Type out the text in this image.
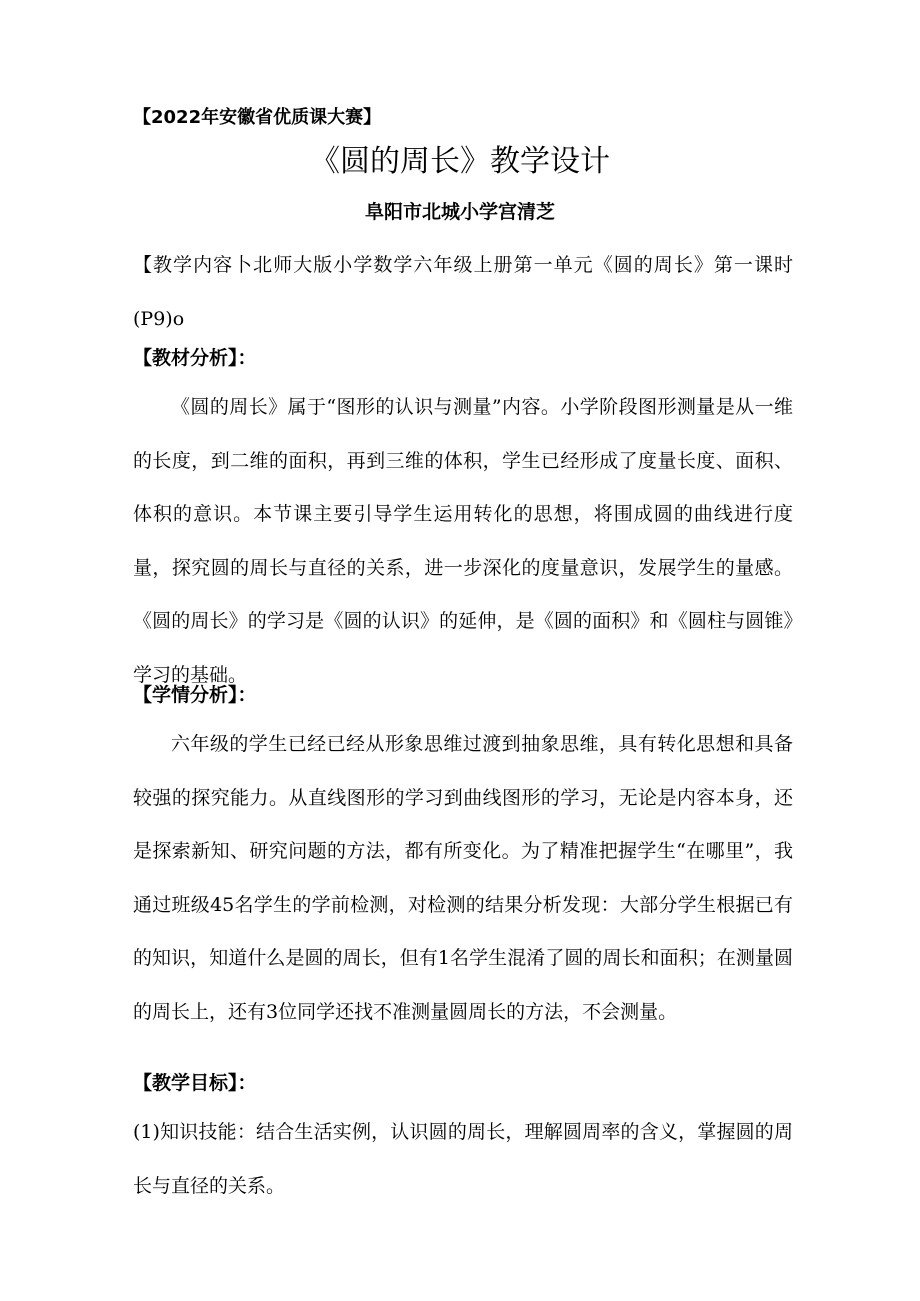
【2022年安徽省优质课大赛】
《圆的周长》教学设计
阜阳市北城小学宫清芝

【教学内容卜北师大版小学数学六年级上册第一单元《圆的周长》第一课时(P9)o

【教材分析】：

《圆的周长》属于“图形的认识与测量”内容。小学阶段图形测量是从一维的长度，到二维的面积，再到三维的体积，学生已经形成了度量长度、面积、体积的意识。本节课主要引导学生运用转化的思想，将围成圆的曲线进行度量，探究圆的周长与直径的关系，进一步深化的度量意识，发展学生的量感。《圆的周长》的学习是《圆的认识》的延伸，是《圆的面积》和《圆柱与圆锥》学习的基础。

【学情分析】：

六年级的学生已经已经从形象思维过渡到抽象思维，具有转化思想和具备较强的探究能力。从直线图形的学习到曲线图形的学习，无论是内容本身，还是探索新知、研究问题的方法，都有所变化。为了精准把握学生“在哪里”，我通过班级45名学生的学前检测，对检测的结果分析发现：大部分学生根据已有的知识，知道什么是圆的周长，但有1名学生混淆了圆的周长和面积；在测量圆的周长上，还有3位同学还找不准测量圆周长的方法，不会测量。

【教学目标】：

(1)知识技能：结合生活实例，认识圆的周长，理解圆周率的含义，掌握圆的周长与直径的关系。
